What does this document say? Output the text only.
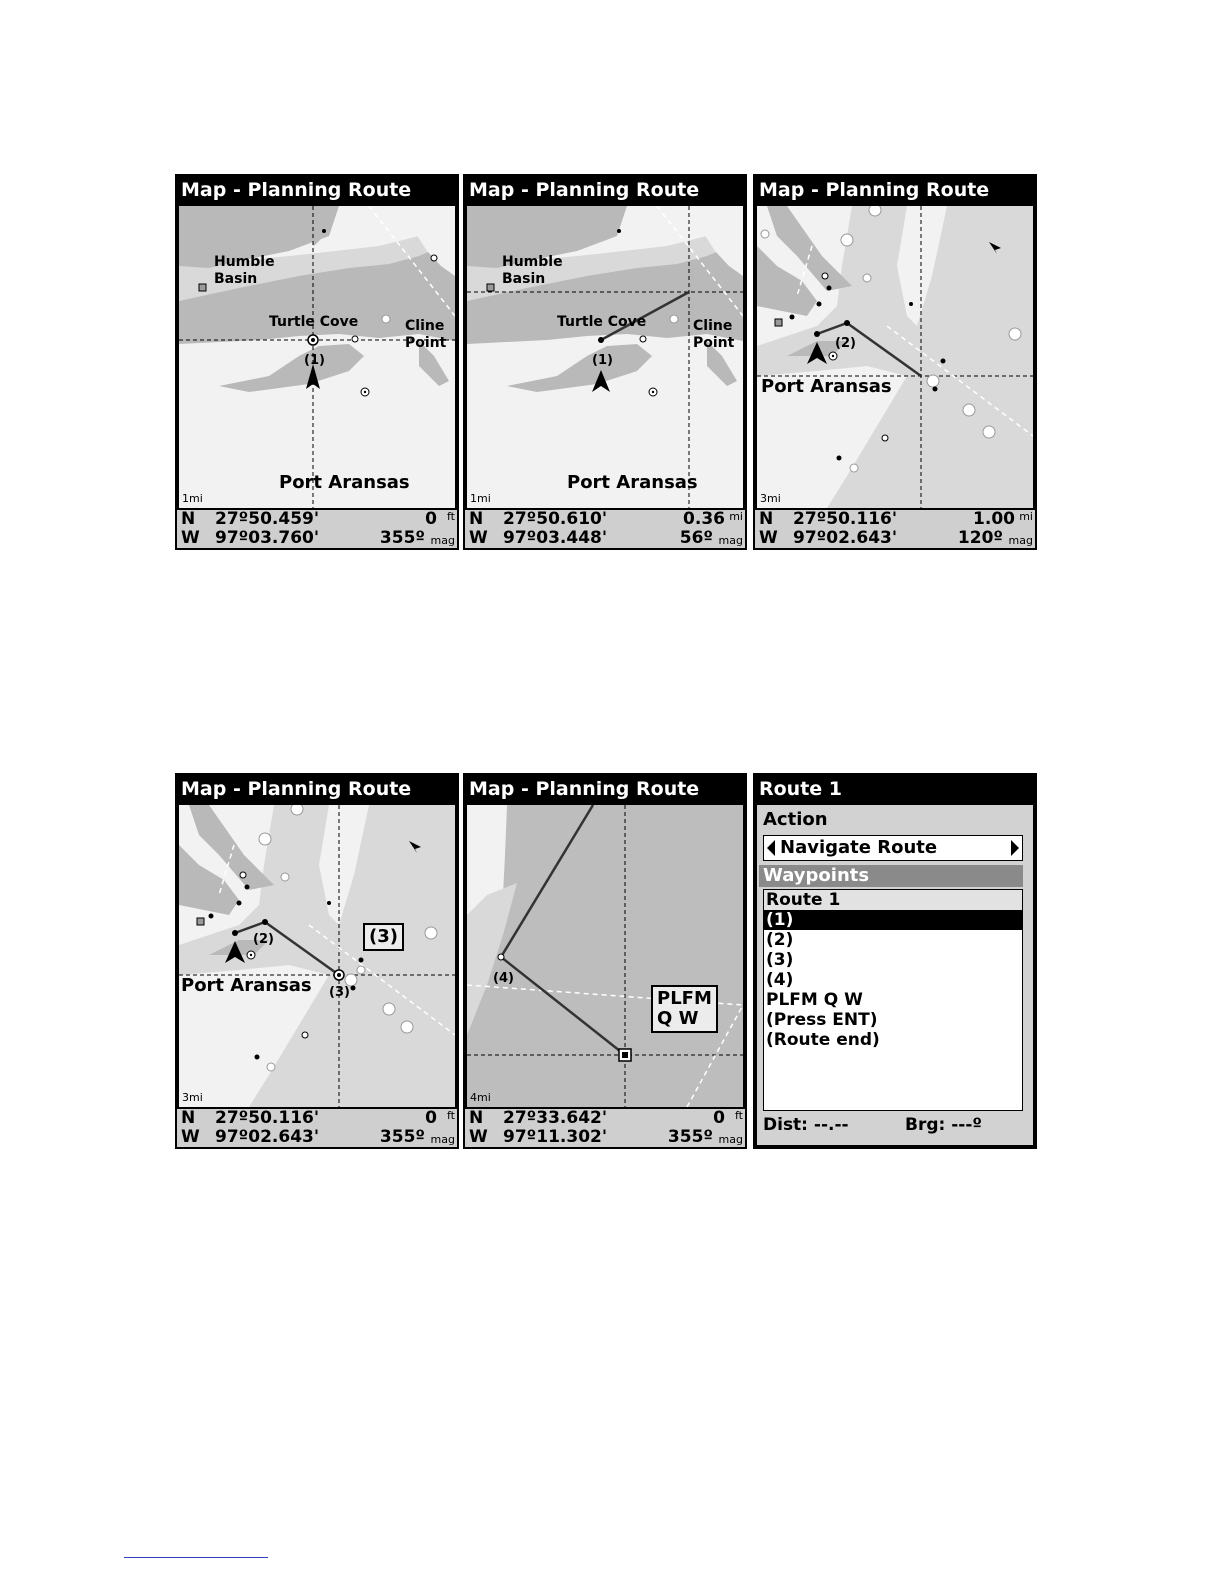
Map - Planning Route
Humble
Basin
Turtle Cove	Cline
Point
Port Aransas
(1)
1mi
N 27º50.459'	0 ft
W 97º03.760'	355º mag
Map - Planning Route
Humble
Basin
Turtle Cove	Cline
Point
Port Aransas
(1)
1mi
N 27º50.610'	0.36 mi
W 97º03.448'	56º mag
Map - Planning Route
Port Aransas
(2)
3mi
N 27º50.116'	1.00 mi
W 97º02.643'	120º mag
Map - Planning Route
Port Aransas
(2)
(3)
(3)
3mi
N 27º50.116'	0 ft
W 97º02.643'	355º mag
Map - Planning Route
(4)
PLFM
Q W
4mi
N 27º33.642'	0 ft
W 97º11.302'	355º mag
Route 1
Action
Navigate Route
Waypoints
Route 1
(1)
(2)
(3)
(4)
PLFM Q W
(Press ENT)
(Route end)
Dist: --.--	Brg: ---º
